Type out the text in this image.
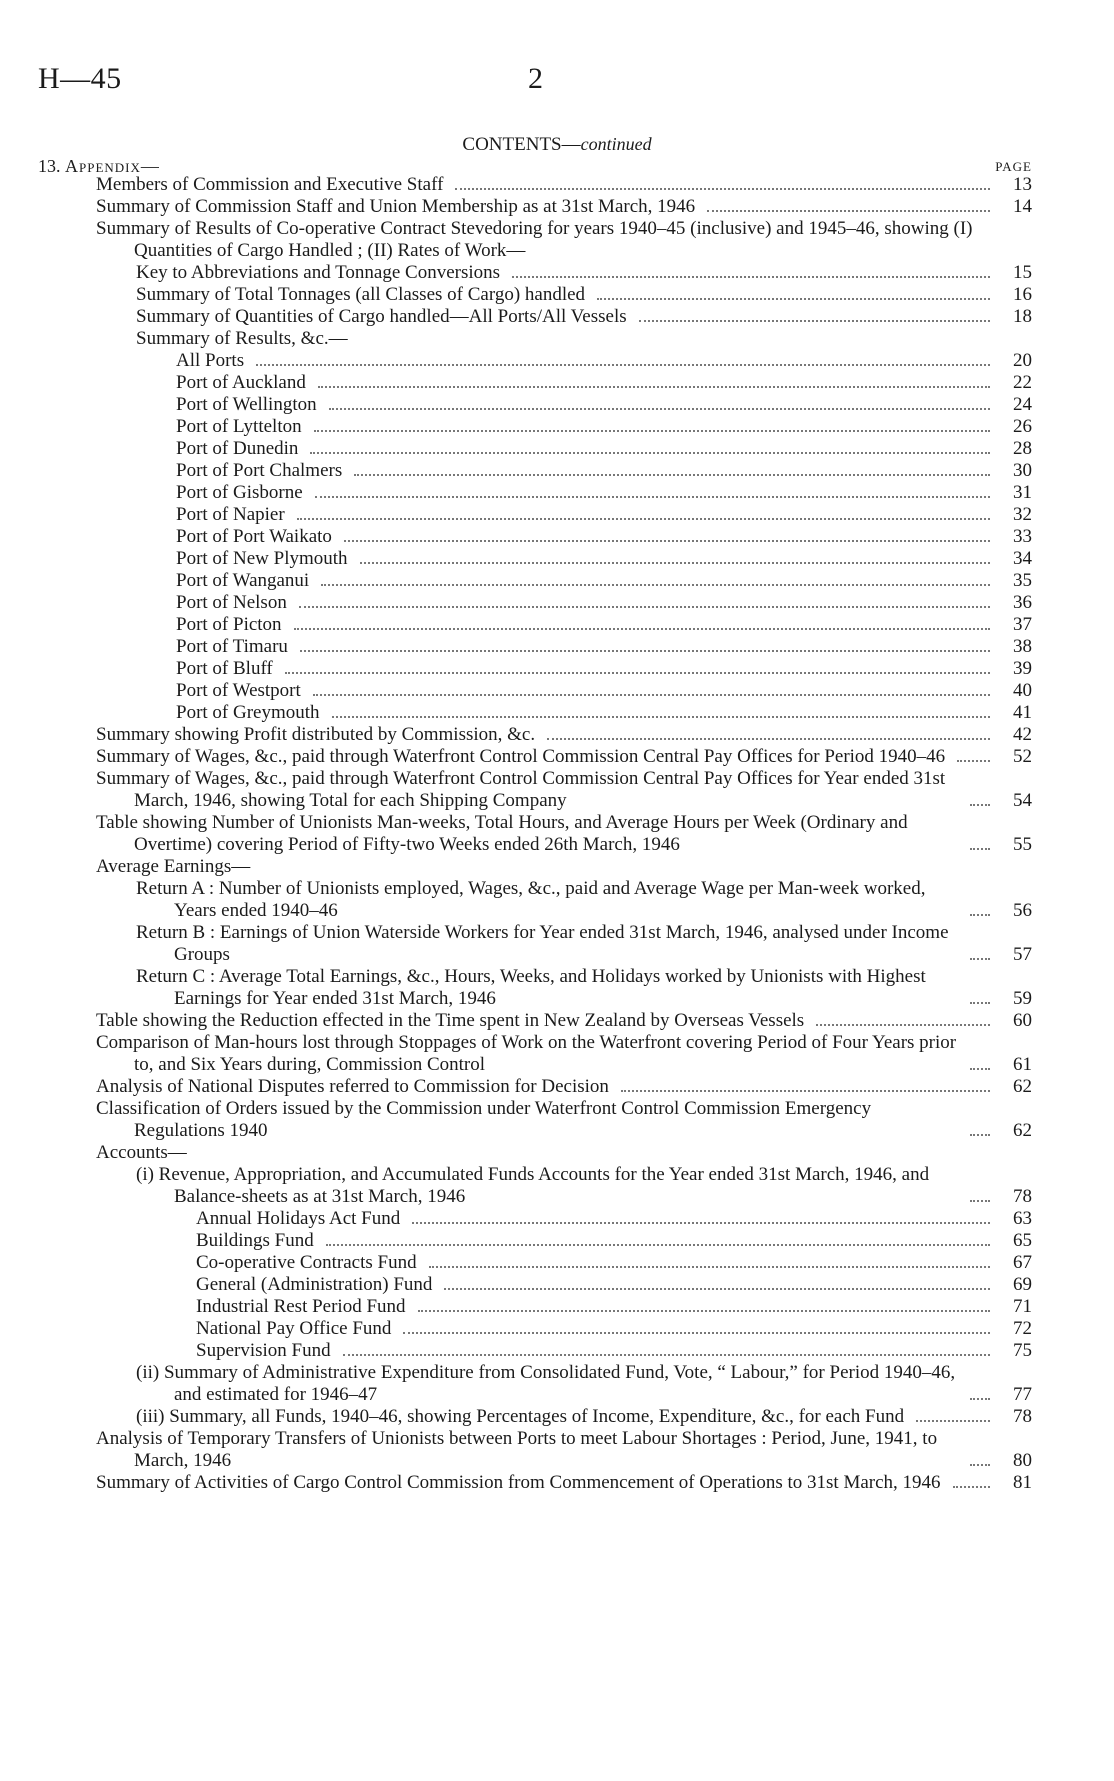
H—45	2
CONTENTS—continued
13. Appendix—	PAGE
Members of Commission and Executive Staff	13
Summary of Commission Staff and Union Membership as at 31st March, 1946	14
Summary of Results of Co-operative Contract Stevedoring for years 1940–45 (inclusive) and 1945–46, showing (I) Quantities of Cargo Handled ; (II) Rates of Work—
Key to Abbreviations and Tonnage Conversions	15
Summary of Total Tonnages (all Classes of Cargo) handled	16
Summary of Quantities of Cargo handled—All Ports/All Vessels	18
Summary of Results, &c.—
All Ports	20
Port of Auckland	22
Port of Wellington	24
Port of Lyttelton	26
Port of Dunedin	28
Port of Port Chalmers	30
Port of Gisborne	31
Port of Napier	32
Port of Port Waikato	33
Port of New Plymouth	34
Port of Wanganui	35
Port of Nelson	36
Port of Picton	37
Port of Timaru	38
Port of Bluff	39
Port of Westport	40
Port of Greymouth	41
Summary showing Profit distributed by Commission, &c.	42
Summary of Wages, &c., paid through Waterfront Control Commission Central Pay Offices for Period 1940–46	52
Summary of Wages, &c., paid through Waterfront Control Commission Central Pay Offices for Year ended 31st March, 1946, showing Total for each Shipping Company	54
Table showing Number of Unionists Man-weeks, Total Hours, and Average Hours per Week (Ordinary and Overtime) covering Period of Fifty-two Weeks ended 26th March, 1946	55
Average Earnings—
Return A : Number of Unionists employed, Wages, &c., paid and Average Wage per Man-week worked, Years ended 1940–46	56
Return B : Earnings of Union Waterside Workers for Year ended 31st March, 1946, analysed under Income Groups	57
Return C : Average Total Earnings, &c., Hours, Weeks, and Holidays worked by Unionists with Highest Earnings for Year ended 31st March, 1946	59
Table showing the Reduction effected in the Time spent in New Zealand by Overseas Vessels	60
Comparison of Man-hours lost through Stoppages of Work on the Waterfront covering Period of Four Years prior to, and Six Years during, Commission Control	61
Analysis of National Disputes referred to Commission for Decision	62
Classification of Orders issued by the Commission under Waterfront Control Commission Emergency Regulations 1940	62
Accounts—
(i) Revenue, Appropriation, and Accumulated Funds Accounts for the Year ended 31st March, 1946, and Balance-sheets as at 31st March, 1946	78
Annual Holidays Act Fund	63
Buildings Fund	65
Co-operative Contracts Fund	67
General (Administration) Fund	69
Industrial Rest Period Fund	71
National Pay Office Fund	72
Supervision Fund	75
(ii) Summary of Administrative Expenditure from Consolidated Fund, Vote, “ Labour,” for Period 1940–46, and estimated for 1946–47	77
(iii) Summary, all Funds, 1940–46, showing Percentages of Income, Expenditure, &c., for each Fund	78
Analysis of Temporary Transfers of Unionists between Ports to meet Labour Shortages : Period, June, 1941, to March, 1946	80
Summary of Activities of Cargo Control Commission from Commencement of Operations to 31st March, 1946	81
